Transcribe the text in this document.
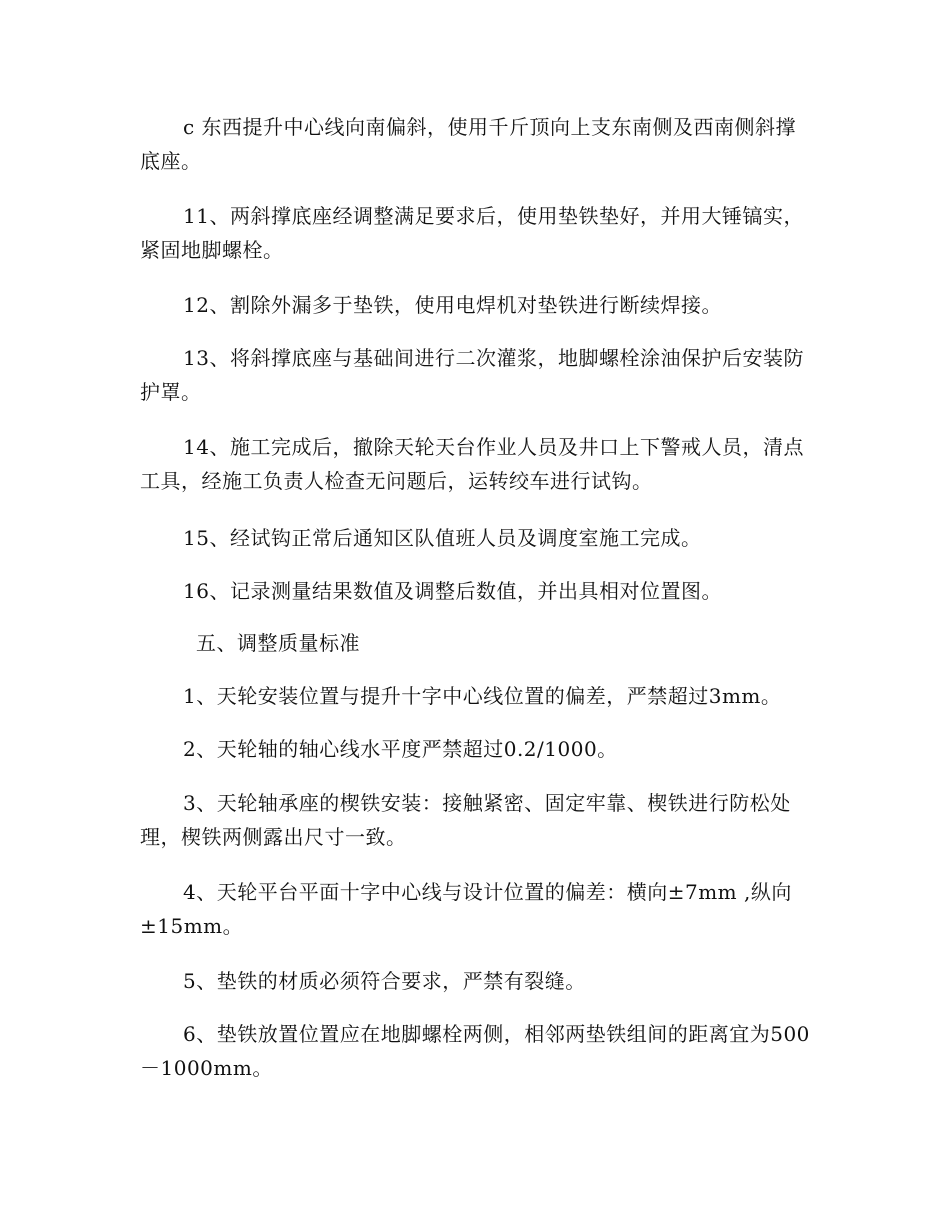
c 东西提升中心线向南偏斜，使用千斤顶向上支东南侧及西南侧斜撑底座。

11、两斜撑底座经调整满足要求后，使用垫铁垫好，并用大锤镐实，紧固地脚螺栓。

12、割除外漏多于垫铁，使用电焊机对垫铁进行断续焊接。

13、将斜撑底座与基础间进行二次灌浆，地脚螺栓涂油保护后安装防护罩。

14、施工完成后，撤除天轮天台作业人员及井口上下警戒人员，清点工具，经施工负责人检查无问题后，运转绞车进行试钩。

15、经试钩正常后通知区队值班人员及调度室施工完成。

16、记录测量结果数值及调整后数值，并出具相对位置图。

五、调整质量标准

1、天轮安装位置与提升十字中心线位置的偏差，严禁超过3mm。

2、天轮轴的轴心线水平度严禁超过0.2/1000。

3、天轮轴承座的楔铁安装：接触紧密、固定牢靠、楔铁进行防松处理，楔铁两侧露出尺寸一致。

4、天轮平台平面十字中心线与设计位置的偏差：横向±7mm ,纵向±15mm。

5、垫铁的材质必须符合要求，严禁有裂缝。

6、垫铁放置位置应在地脚螺栓两侧，相邻两垫铁组间的距离宜为500－1000mm。
